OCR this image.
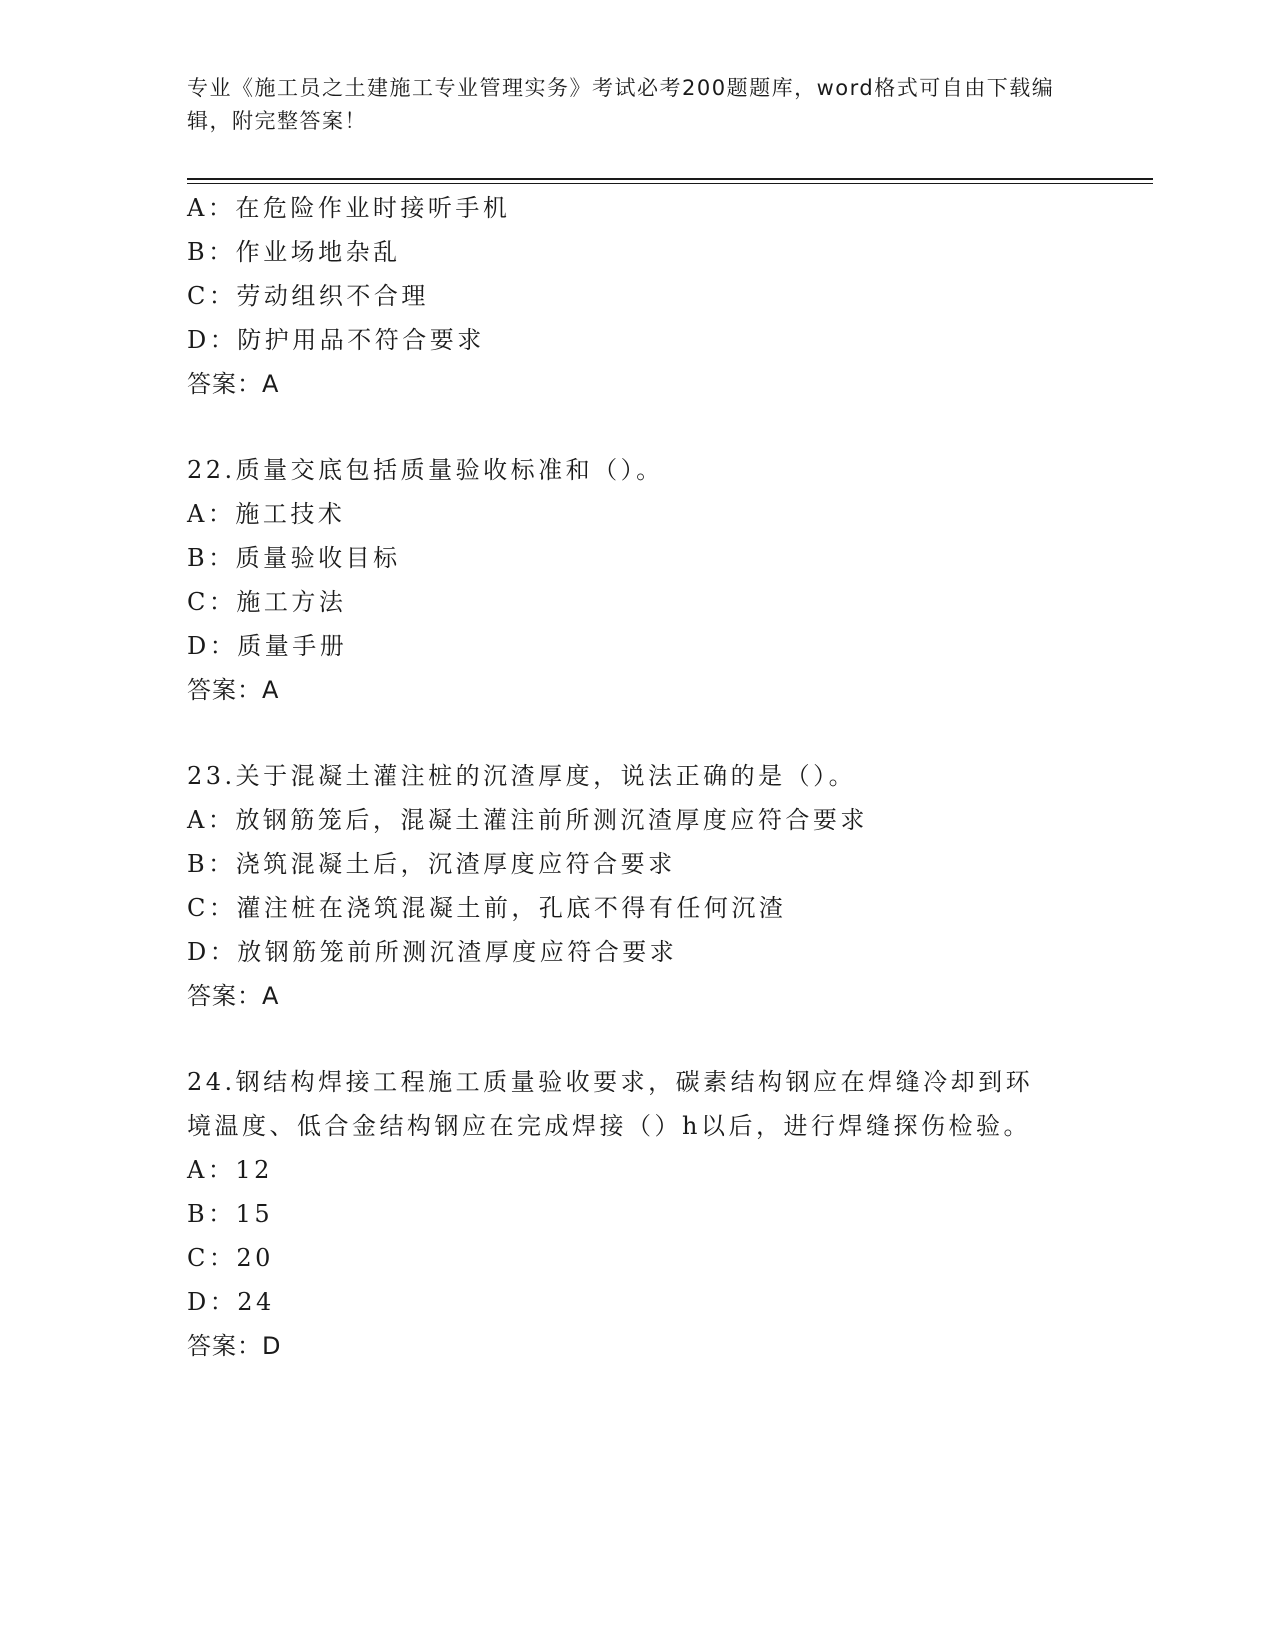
专业《施工员之土建施工专业管理实务》考试必考200题题库，word格式可自由下载编辑，附完整答案！
A：在危险作业时接听手机
B：作业场地杂乱
C：劳动组织不合理
D：防护用品不符合要求
答案：A
22.质量交底包括质量验收标准和（）。
A：施工技术
B：质量验收目标
C：施工方法
D：质量手册
答案：A
23.关于混凝土灌注桩的沉渣厚度，说法正确的是（）。
A：放钢筋笼后，混凝土灌注前所测沉渣厚度应符合要求
B：浇筑混凝土后，沉渣厚度应符合要求
C：灌注桩在浇筑混凝土前，孔底不得有任何沉渣
D：放钢筋笼前所测沉渣厚度应符合要求
答案：A
24.钢结构焊接工程施工质量验收要求，碳素结构钢应在焊缝冷却到环
境温度、低合金结构钢应在完成焊接（）h以后，进行焊缝探伤检验。
A：12
B：15
C：20
D：24
答案：D
